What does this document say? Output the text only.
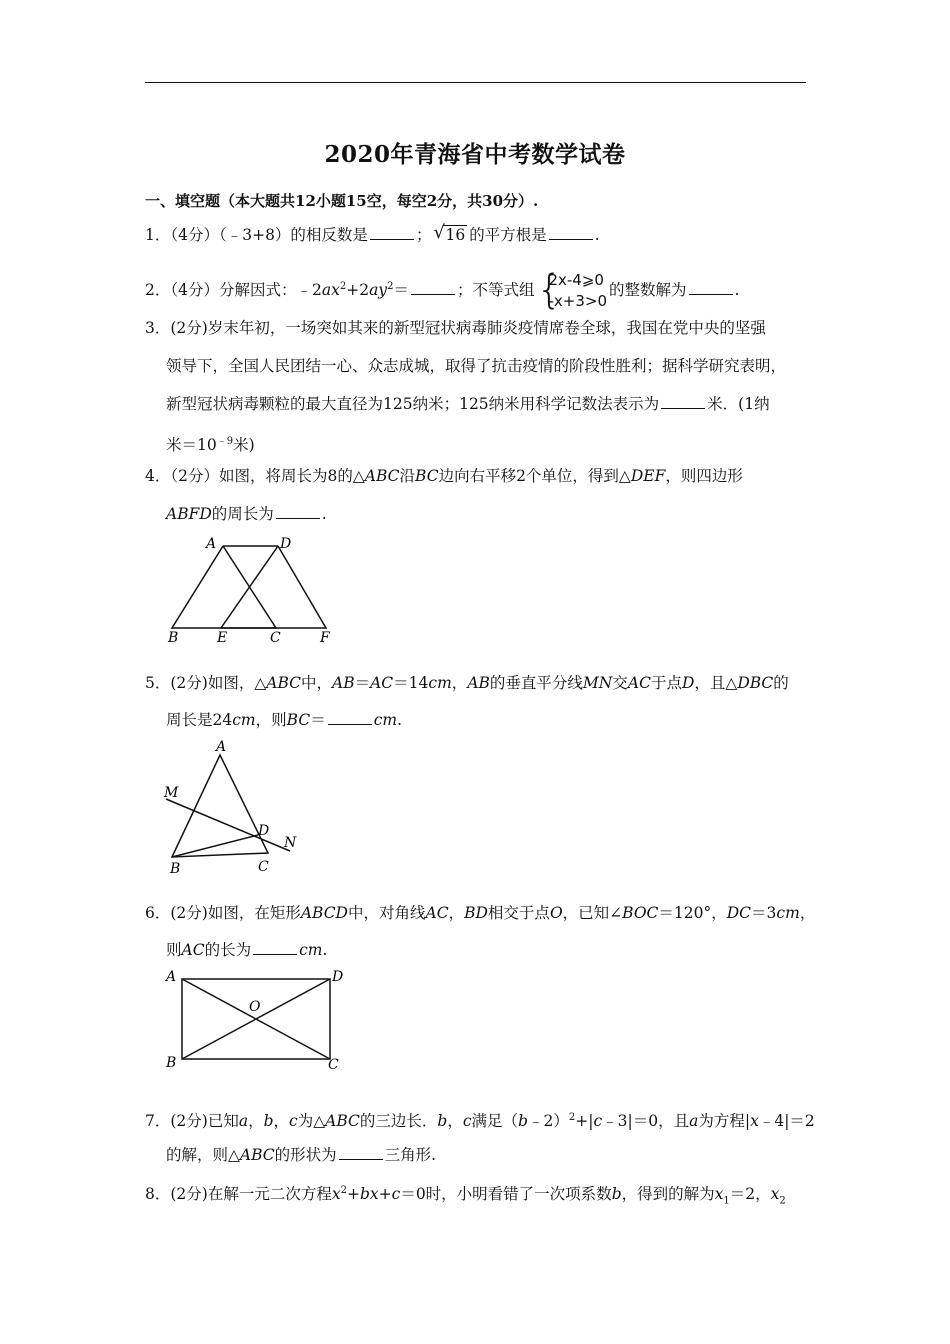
2020年青海省中考数学试卷
一、填空题（本大题共12小题15空，每空2分，共30分）.
1．（4分）（﹣3+8）的相反数是	； √ 16 的平方根是	.
2．（4分）分解因式：$﹣2ax^2+2ay^2=$	；不等式组 {
2x-4⩾0
-x+3>0的整数解为	.
3．(2分)岁末年初，一场突如其来的新型冠状病毒肺炎疫情席卷全球，我国在党中央的坚强
领导下，全国人民团结一心、众志成城，取得了抗击疫情的阶段性胜利；据科学研究表明，
新型冠状病毒颗粒的最大直径为125纳米；125纳米用科学记数法表示为	米．(1纳
米$=10^{﹣9}$米)
4．（2分）如图，将周长为8的△ABC沿BC边向右平移2个单位，得到△DEF，则四边形
ABFD的周长为	.
A	D
B	E	C	F
5．(2分)如图，△ABC中，AB＝AC＝14cm，AB的垂直平分线MN交AC于点D，且△DBC的
周长是24cm，则BC＝	cm.
A
M
D
N
B	C
6．(2分)如图，在矩形ABCD中，对角线AC，BD相交于点O，已知∠BOC＝120°，DC＝3cm，
则AC的长为	cm.
A	D
O
B	C
7．(2分)已知a，b，c为△ABC的三边长．b，c满足（b﹣2）$^2$+|c﹣3|＝0，且a为方程|x﹣4|＝2
的解，则△ABC的形状为	三角形.
8．(2分)在解一元二次方程$x^2+bx+c=0$时，小明看错了一次项系数b，得到的解为$x_1=2$，$x_2$
